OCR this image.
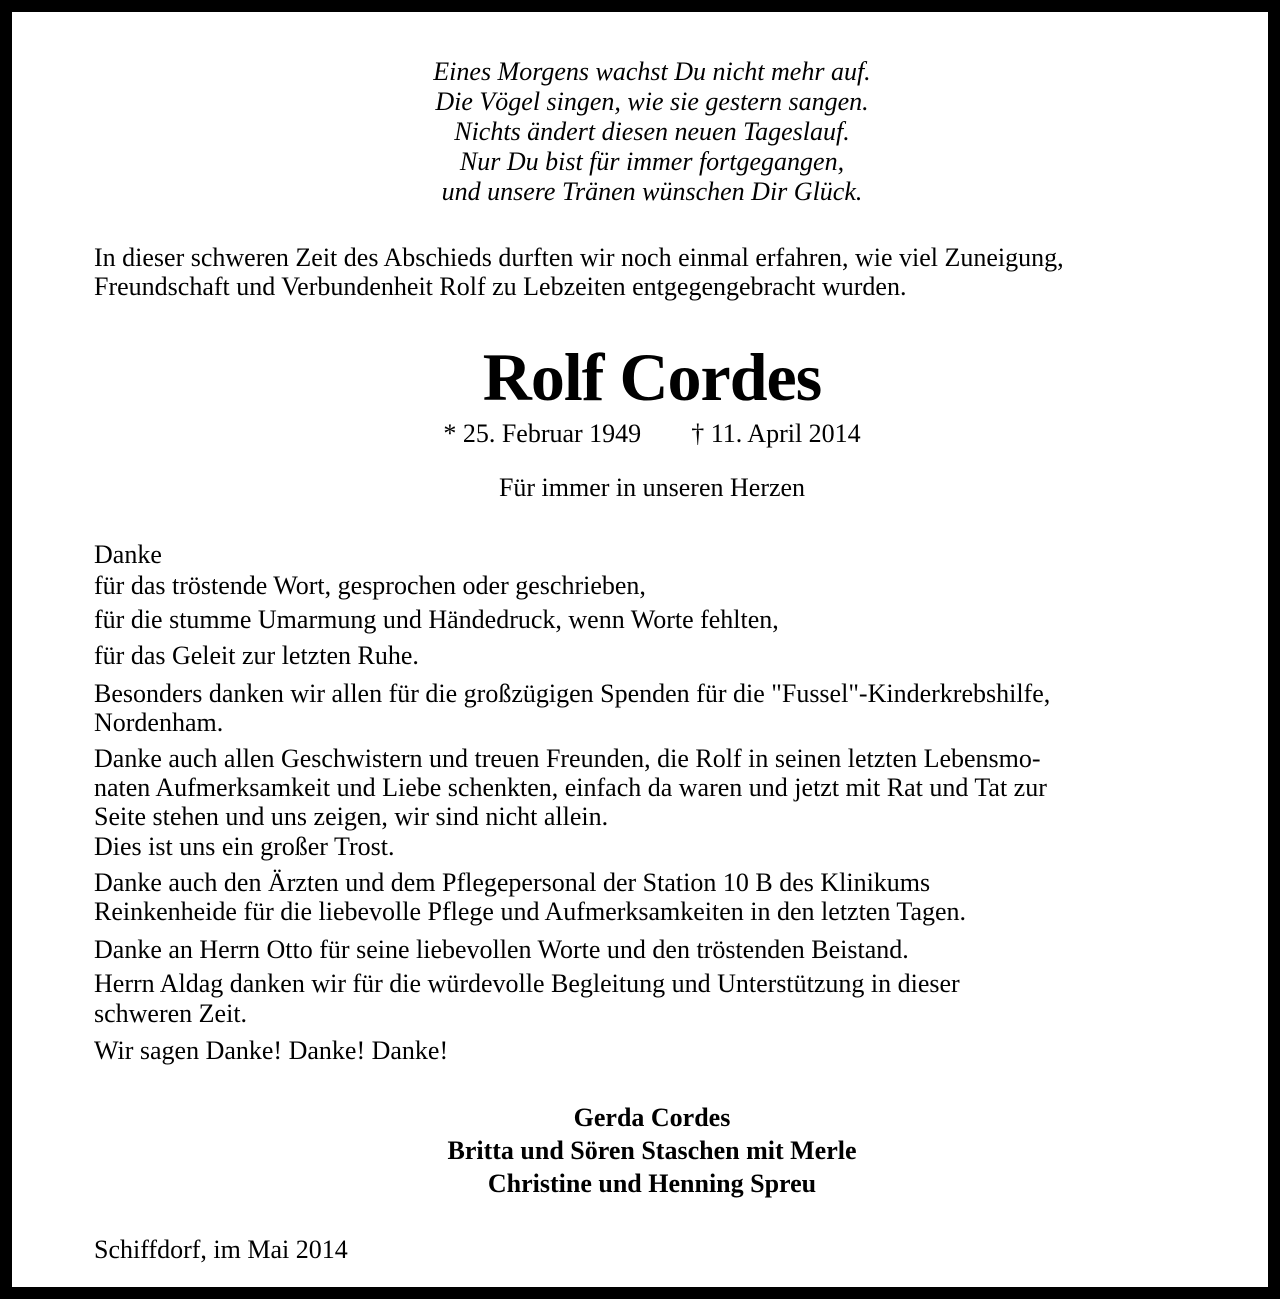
Eines Morgens wachst Du nicht mehr auf.
Die Vögel singen, wie sie gestern sangen.
Nichts ändert diesen neuen Tageslauf.
Nur Du bist für immer fortgegangen,
und unsere Tränen wünschen Dir Glück.
In dieser schweren Zeit des Abschieds durften wir noch einmal erfahren, wie viel Zuneigung,
Freundschaft und Verbundenheit Rolf zu Lebzeiten entgegengebracht wurden.
Rolf Cordes
* 25. Februar 1949 † 11. April 2014
Für immer in unseren Herzen
Danke
für das tröstende Wort, gesprochen oder geschrieben,
für die stumme Umarmung und Händedruck, wenn Worte fehlten,
für das Geleit zur letzten Ruhe.
Besonders danken wir allen für die großzügigen Spenden für die "Fussel"-Kinderkrebshilfe,
Nordenham.
Danke auch allen Geschwistern und treuen Freunden, die Rolf in seinen letzten Lebensmo-
naten Aufmerksamkeit und Liebe schenkten, einfach da waren und jetzt mit Rat und Tat zur
Seite stehen und uns zeigen, wir sind nicht allein.
Dies ist uns ein großer Trost.
Danke auch den Ärzten und dem Pflegepersonal der Station 10 B des Klinikums
Reinkenheide für die liebevolle Pflege und Aufmerksamkeiten in den letzten Tagen.
Danke an Herrn Otto für seine liebevollen Worte und den tröstenden Beistand.
Herrn Aldag danken wir für die würdevolle Begleitung und Unterstützung in dieser
schweren Zeit.
Wir sagen Danke! Danke! Danke!
Gerda Cordes
Britta und Sören Staschen mit Merle
Christine und Henning Spreu
Schiffdorf, im Mai 2014
